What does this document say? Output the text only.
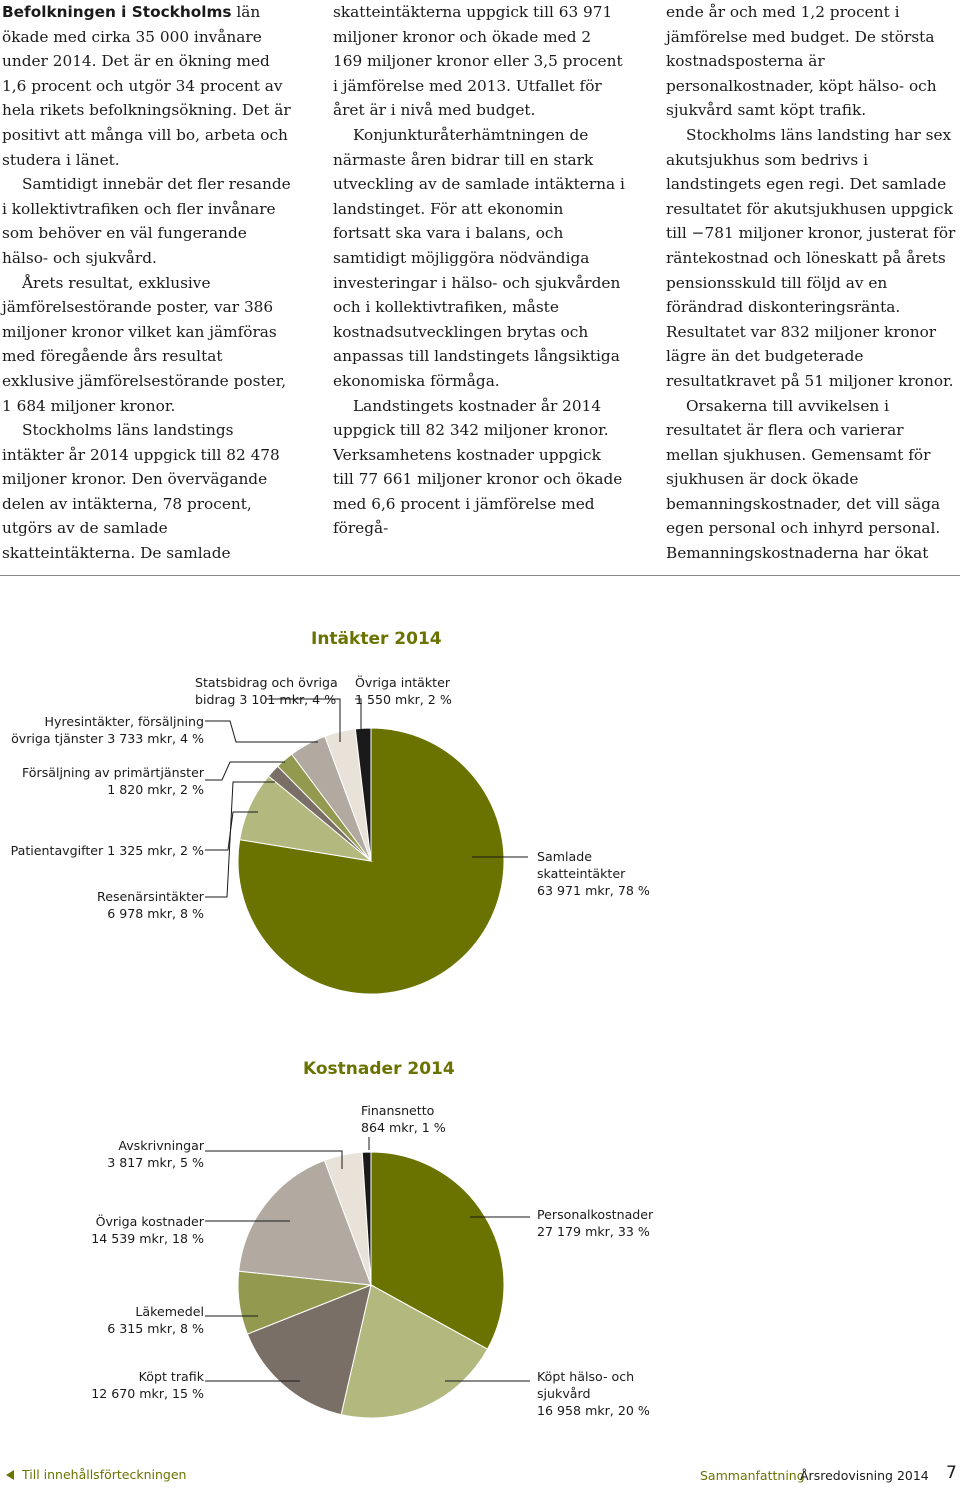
Befolkningen i Stockholms län ökade med cirka 35 000 invånare under 2014. Det är en ökning med 1,6 procent och utgör 34 procent av hela rikets befolkningsökning. Det är positivt att många vill bo, arbeta och studera i länet.

Samtidigt innebär det fler resande i kollektivtrafiken och fler invånare som behöver en väl fungerande hälso- och sjukvård.

Årets resultat, exklusive jämförelsestörande poster, var 386 miljoner kronor vilket kan jämföras med föregående års resultat exklusive jämförelsestörande poster, 1 684 miljoner kronor.

Stockholms läns landstings intäkter år 2014 uppgick till 82 478 miljoner kronor. Den övervägande delen av intäkterna, 78 procent, utgörs av de samlade skatteintäkterna. De samlade

skatteintäkterna uppgick till 63 971 miljoner kronor och ökade med 2 169 miljoner kronor eller 3,5 procent i jämförelse med 2013. Utfallet för året är i nivå med budget.

Konjunkturåterhämtningen de närmaste åren bidrar till en stark utveckling av de samlade intäkterna i landstinget. För att ekonomin fortsatt ska vara i balans, och samtidigt möjliggöra nödvändiga investeringar i hälso- och sjukvården och i kollektivtrafiken, måste kostnadsutvecklingen brytas och anpassas till landstingets långsiktiga ekonomiska förmåga.

Landstingets kostnader år 2014 uppgick till 82 342 miljoner kronor. Verksamhetens kostnader uppgick till 77 661 miljoner kronor och ökade med 6,6 procent i jämförelse med föregå-

ende år och med 1,2 procent i jämförelse med budget. De största kostnadsposterna är personalkostnader, köpt hälso- och sjukvård samt köpt trafik.

Stockholms läns landsting har sex akutsjukhus som bedrivs i landstingets egen regi. Det samlade resultatet för akutsjukhusen uppgick till −781 miljoner kronor, justerat för räntekostnad och löneskatt på årets pensionsskuld till följd av en förändrad diskonteringsränta. Resultatet var 832 miljoner kronor lägre än det budgeterade resultatkravet på 51 miljoner kronor.

Orsakerna till avvikelsen i resultatet är flera och varierar mellan sjukhusen. Gemensamt för sjukhusen är dock ökade bemanningskostnader, det vill säga egen personal och inhyrd personal. Bemanningskostnaderna har ökat

Intäkter 2014
Kostnader 2014
Hyresintäkter, försäljning
övriga tjänster 3 733 mkr, 4 %
Försäljning av primärtjänster
1 820 mkr, 2 %
Patientavgifter 1 325 mkr, 2 %
Resenärsintäkter
6 978 mkr, 8 %
Statsbidrag och övriga
bidrag 3 101 mkr, 4 %
Övriga intäkter
1 550 mkr, 2 %
Samlade
skatteintäkter
63 971 mkr, 78 %
Avskrivningar
3 817 mkr, 5 %
Finansnetto
864 mkr, 1 %
Övriga kostnader
14 539 mkr, 18 %
Personalkostnader
27 179 mkr, 33 %
Läkemedel
6 315 mkr, 8 %
Köpt trafik
12 670 mkr, 15 %
Köpt hälso- och
sjukvård
16 958 mkr, 20 %
Till innehållsförteckningen	Sammanfattning
Årsredovisning 2014 7
